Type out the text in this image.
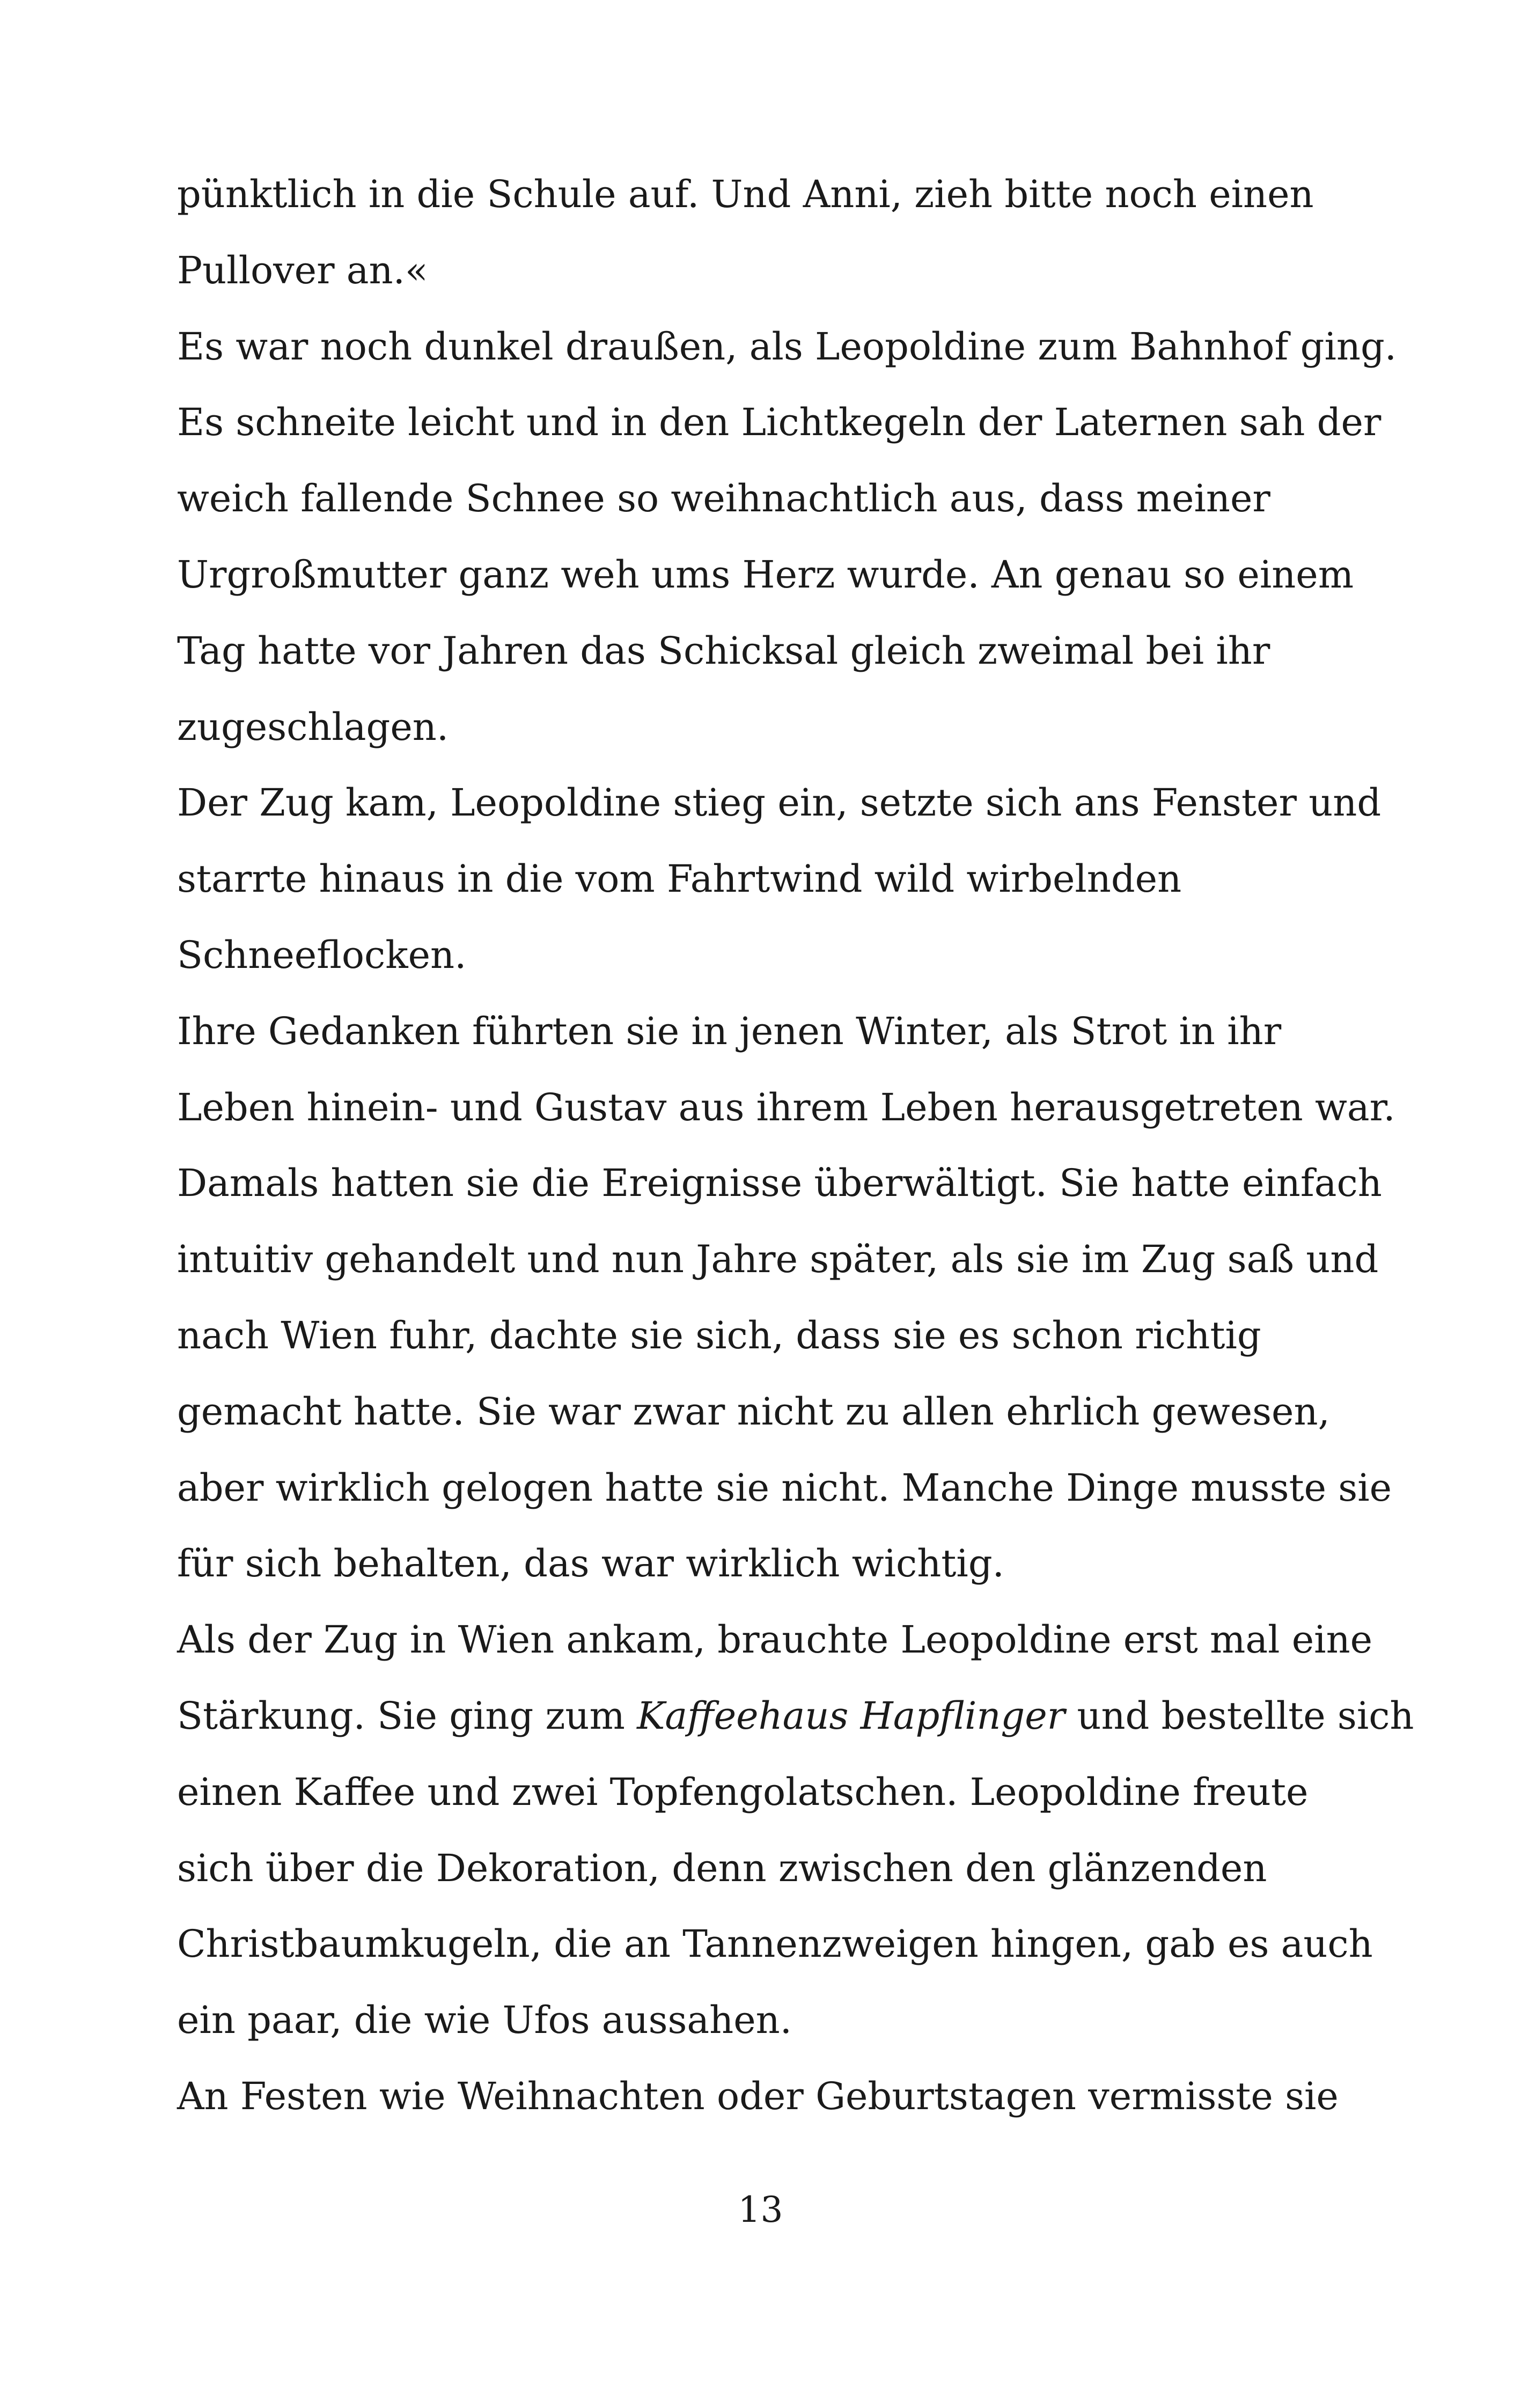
pünktlich in die Schule auf. Und Anni, zieh bitte noch einen
Pullover an.«
Es war noch dunkel draußen, als Leopoldine zum Bahnhof ging.
Es schneite leicht und in den Lichtkegeln der Laternen sah der
weich fallende Schnee so weihnachtlich aus, dass meiner
Urgroßmutter ganz weh ums Herz wurde. An genau so einem
Tag hatte vor Jahren das Schicksal gleich zweimal bei ihr
zugeschlagen.
Der Zug kam, Leopoldine stieg ein, setzte sich ans Fenster und
starrte hinaus in die vom Fahrtwind wild wirbelnden
Schneeflocken.
Ihre Gedanken führten sie in jenen Winter, als Strot in ihr
Leben hinein- und Gustav aus ihrem Leben herausgetreten war.
Damals hatten sie die Ereignisse überwältigt. Sie hatte einfach
intuitiv gehandelt und nun Jahre später, als sie im Zug saß und
nach Wien fuhr, dachte sie sich, dass sie es schon richtig
gemacht hatte. Sie war zwar nicht zu allen ehrlich gewesen,
aber wirklich gelogen hatte sie nicht. Manche Dinge musste sie
für sich behalten, das war wirklich wichtig.
Als der Zug in Wien ankam, brauchte Leopoldine erst mal eine
Stärkung. Sie ging zum Kaffeehaus Hapflinger und bestellte sich
einen Kaffee und zwei Topfengolatschen. Leopoldine freute
sich über die Dekoration, denn zwischen den glänzenden
Christbaumkugeln, die an Tannenzweigen hingen, gab es auch
ein paar, die wie Ufos aussahen.
An Festen wie Weihnachten oder Geburtstagen vermisste sie
13
